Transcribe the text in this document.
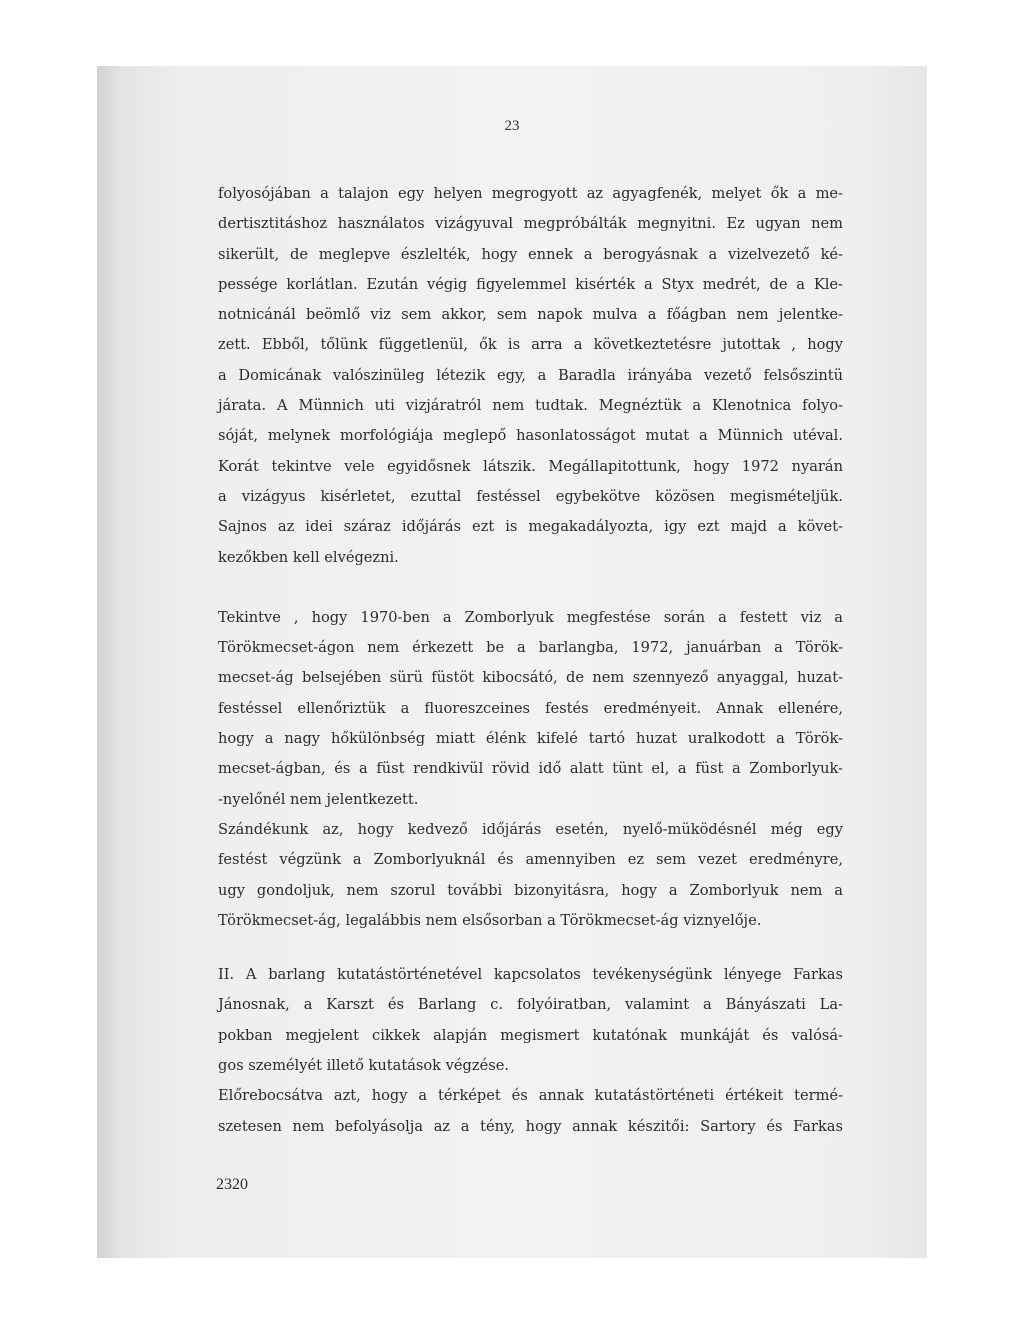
23
folyosójában a talajon egy helyen megrogyott az agyagfenék, melyet ők a me-
dertisztitáshoz használatos vizágyuval megpróbálták megnyitni. Ez ugyan nem
sikerült, de meglepve észlelték, hogy ennek a berogyásnak a vizelvezető ké-
pessége korlátlan. Ezután végig figyelemmel kisérték a Styx medrét, de a Kle-
notnicánál beömlő viz sem akkor, sem napok mulva a főágban nem jelentke-
zett. Ebből, tőlünk függetlenül, ők is arra a következtetésre jutottak , hogy
a Domicának valószinüleg létezik egy, a Baradla irányába vezető felsőszintü
járata. A Münnich uti vizjáratról nem tudtak. Megnéztük a Klenotnica folyo-
sóját, melynek morfológiája meglepő hasonlatosságot mutat a Münnich utéval.
Korát tekintve vele egyidősnek látszik. Megállapitottunk, hogy 1972 nyarán
a vizágyus kisérletet, ezuttal festéssel egybekötve közösen megismételjük.
Sajnos az idei száraz időjárás ezt is megakadályozta, igy ezt majd a követ-
kezőkben kell elvégezni.
Tekintve , hogy 1970-ben a Zomborlyuk megfestése során a festett viz a
Törökmecset-ágon nem érkezett be a barlangba, 1972, januárban a Török-
mecset-ág belsejében sürü füstöt kibocsátó, de nem szennyező anyaggal, huzat-
festéssel ellenőriztük a fluoreszceines festés eredményeit. Annak ellenére,
hogy a nagy hőkülönbség miatt élénk kifelé tartó huzat uralkodott a Török-
mecset-ágban, és a füst rendkivül rövid idő alatt tünt el, a füst a Zomborlyuk-
-nyelőnél nem jelentkezett.
Szándékunk az, hogy kedvező időjárás esetén, nyelő-müködésnél még egy
festést végzünk a Zomborlyuknál és amennyiben ez sem vezet eredményre,
ugy gondoljuk, nem szorul további bizonyitásra, hogy a Zomborlyuk nem a
Törökmecset-ág, legalábbis nem elsősorban a Törökmecset-ág viznyelője.
II. A barlang kutatástörténetével kapcsolatos tevékenységünk lényege Farkas
Jánosnak, a Karszt és Barlang c. folyóiratban, valamint a Bányászati La-
pokban megjelent cikkek alapján megismert kutatónak munkáját és valósá-
gos személyét illető kutatások végzése.
Előrebocsátva azt, hogy a térképet és annak kutatástörténeti értékeit termé-
szetesen nem befolyásolja az a tény, hogy annak készitői: Sartory és Farkas
2320
